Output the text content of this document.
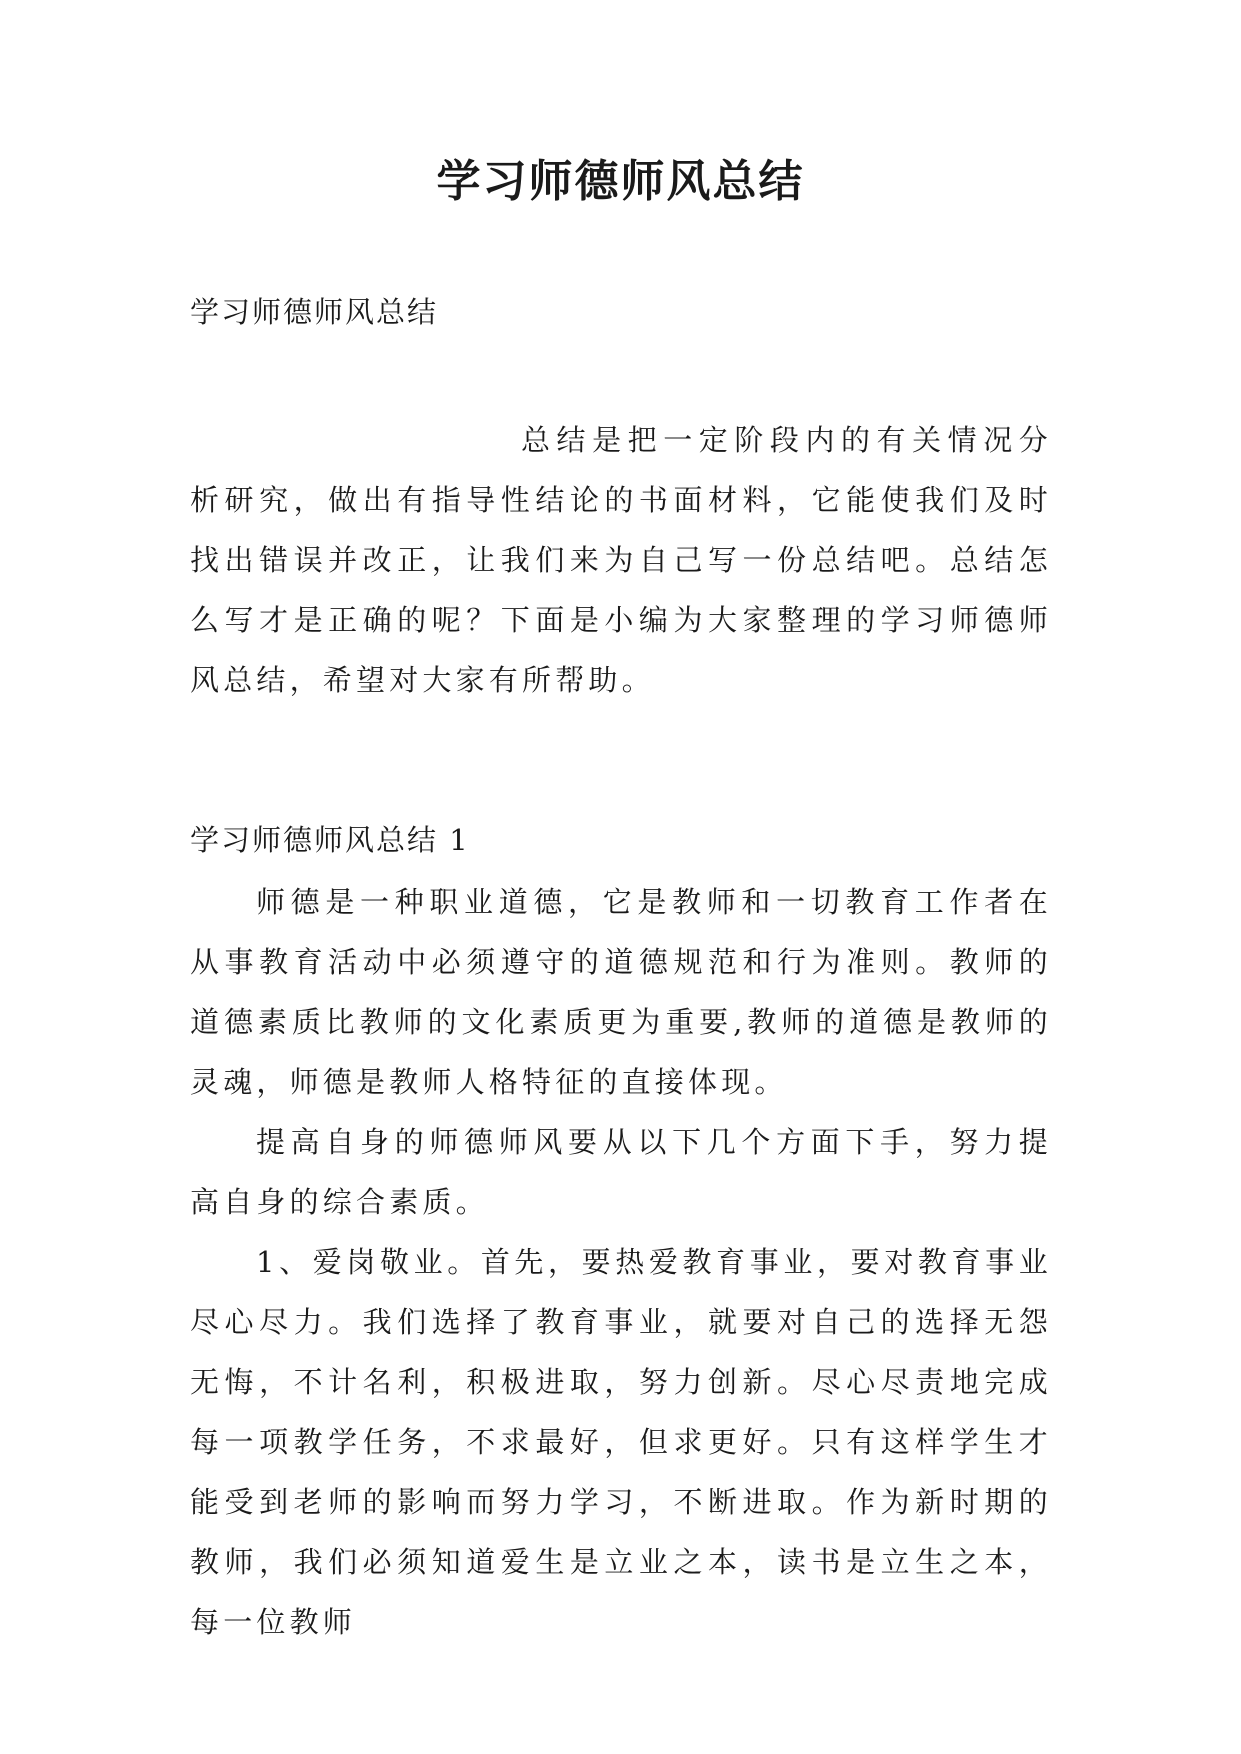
学习师德师风总结

学习师德师风总结

总结是把一定阶段内的有关情况分析研究，做出有指导性结论的书面材料，它能使我们及时找出错误并改正，让我们来为自己写一份总结吧。总结怎么写才是正确的呢？下面是小编为大家整理的学习师德师风总结，希望对大家有所帮助。

学习师德师风总结 1

师德是一种职业道德，它是教师和一切教育工作者在从事教育活动中必须遵守的道德规范和行为准则。教师的道德素质比教师的文化素质更为重要,教师的道德是教师的灵魂，师德是教师人格特征的直接体现。

提高自身的师德师风要从以下几个方面下手，努力提高自身的综合素质。

1、爱岗敬业。首先，要热爱教育事业，要对教育事业尽心尽力。我们选择了教育事业，就要对自己的选择无怨无悔，不计名利，积极进取，努力创新。尽心尽责地完成每一项教学任务，不求最好，但求更好。只有这样学生才能受到老师的影响而努力学习，不断进取。作为新时期的教师，我们必须知道爱生是立业之本，读书是立生之本，每一位教师
